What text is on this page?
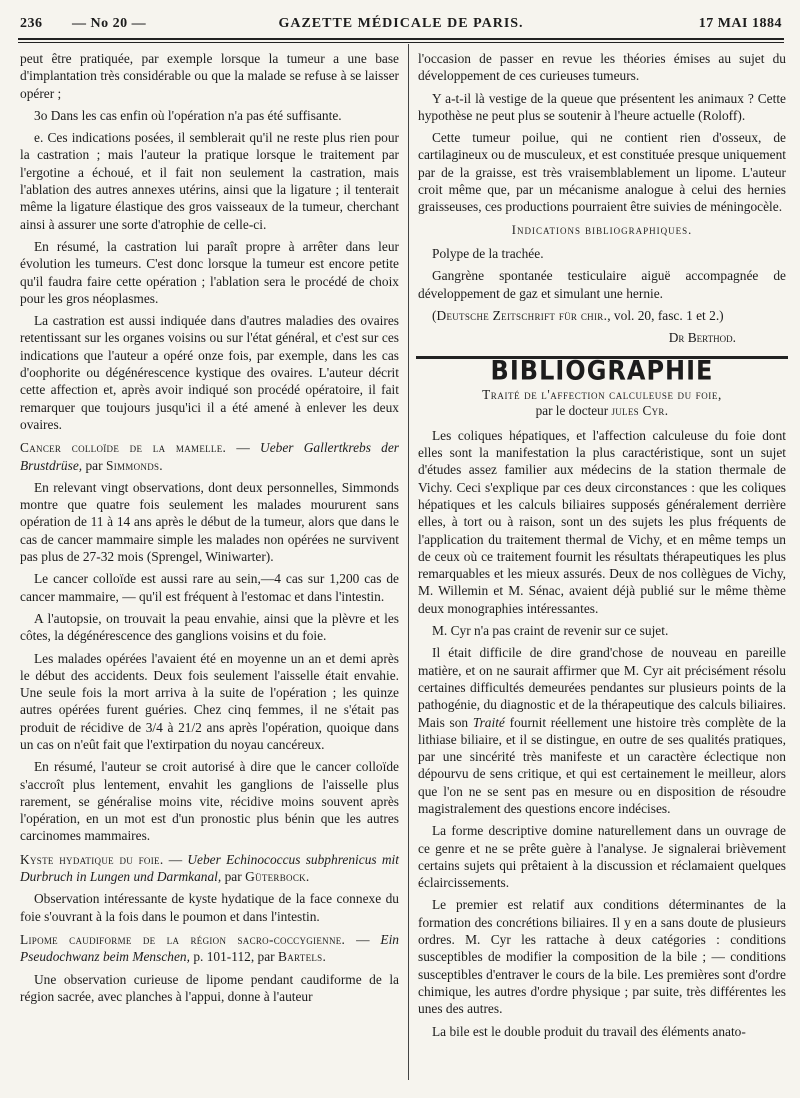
236 — No 20 —	GAZETTE MÉDICALE DE PARIS.	17 MAI 1884

peut être pratiquée, par exemple lorsque la tumeur a une base d'implantation très considérable ou que la malade se refuse à se laisser opérer ;

3o Dans les cas enfin où l'opération n'a pas été suffisante.

e. Ces indications posées, il semblerait qu'il ne reste plus rien pour la castration ; mais l'auteur la pratique lorsque le traitement par l'ergotine a échoué, et il fait non seulement la castration, mais l'ablation des autres annexes utérins, ainsi que la ligature ; il tenterait même la ligature élastique des gros vaisseaux de la tumeur, cherchant ainsi à assurer une sorte d'atrophie de celle-ci.

En résumé, la castration lui paraît propre à arrêter dans leur évolution les tumeurs. C'est donc lorsque la tumeur est encore petite qu'il faudra faire cette opération ; l'ablation sera le procédé de choix pour les gros néoplasmes.

La castration est aussi indiquée dans d'autres maladies des ovaires retentissant sur les organes voisins ou sur l'état général, et c'est sur ces indications que l'auteur a opéré onze fois, par exemple, dans les cas d'oophorite ou dégénérescence kystique des ovaires. L'auteur décrit cette affection et, après avoir indiqué son procédé opératoire, il fait remarquer que toujours jusqu'ici il a été amené à enlever les deux ovaires.

Cancer colloïde de la mamelle. — Ueber Gallertkrebs der Brustdrüse, par Simmonds.

En relevant vingt observations, dont deux personnelles, Simmonds montre que quatre fois seulement les malades moururent sans opération de 11 à 14 ans après le début de la tumeur, alors que dans le cas de cancer mammaire simple les malades non opérées ne survivent pas plus de 27-32 mois (Sprengel, Winiwarter).

Le cancer colloïde est aussi rare au sein,—4 cas sur 1,200 cas de cancer mammaire, — qu'il est fréquent à l'estomac et dans l'intestin.

A l'autopsie, on trouvait la peau envahie, ainsi que la plèvre et les côtes, la dégénérescence des ganglions voisins et du foie.

Les malades opérées l'avaient été en moyenne un an et demi après le début des accidents. Deux fois seulement l'aisselle était envahie. Une seule fois la mort arriva à la suite de l'opération ; les quinze autres opérées furent guéries. Chez cinq femmes, il ne s'était pas produit de récidive de 3/4 à 21/2 ans après l'opération, quoique dans un cas on n'eût fait que l'extirpation du noyau cancéreux.

En résumé, l'auteur se croit autorisé à dire que le cancer colloïde s'accroît plus lentement, envahit les ganglions de l'aisselle plus rarement, se généralise moins vite, récidive moins souvent après l'opération, en un mot est d'un pronostic plus bénin que les autres carcinomes mammaires.

Kyste hydatique du foie. — Ueber Echinococcus subphrenicus mit Durbruch in Lungen und Darmkanal, par Güterbock.

Observation intéressante de kyste hydatique de la face connexe du foie s'ouvrant à la fois dans le poumon et dans l'intestin.

Lipome caudiforme de la région sacro-coccygienne. — Ein Pseudochwanz beim Menschen, p. 101-112, par Bartels.

Une observation curieuse de lipome pendant caudiforme de la région sacrée, avec planches à l'appui, donne à l'auteur

l'occasion de passer en revue les théories émises au sujet du développement de ces curieuses tumeurs.

Y a-t-il là vestige de la queue que présentent les animaux ? Cette hypothèse ne peut plus se soutenir à l'heure actuelle (Roloff).

Cette tumeur poilue, qui ne contient rien d'osseux, de cartilagineux ou de musculeux, et est constituée presque uniquement par de la graisse, est très vraisemblablement un lipome. L'auteur croit même que, par un mécanisme analogue à celui des hernies graisseuses, ces productions pourraient être suivies de méningocèle.

Indications bibliographiques.

Polype de la trachée.

Gangrène spontanée testiculaire aiguë accompagnée de développement de gaz et simulant une hernie.

(Deutsche Zeitschrift für chir., vol. 20, fasc. 1 et 2.)

Dr Berthod.
BIBLIOGRAPHIE
Traité de l'affection calculeuse du foie,
par le docteur jules Cyr.

Les coliques hépatiques, et l'affection calculeuse du foie dont elles sont la manifestation la plus caractéristique, sont un sujet d'études assez familier aux médecins de la station thermale de Vichy. Ceci s'explique par ces deux circonstances : que les coliques hépatiques et les calculs biliaires supposés généralement derrière elles, à tort ou à raison, sont un des sujets les plus fréquents de l'application du traitement thermal de Vichy, et en même temps un de ceux où ce traitement fournit les résultats thérapeutiques les plus remarquables et les mieux assurés. Deux de nos collègues de Vichy, M. Willemin et M. Sénac, avaient déjà publié sur le même thème deux monographies intéressantes.

M. Cyr n'a pas craint de revenir sur ce sujet.

Il était difficile de dire grand'chose de nouveau en pareille matière, et on ne saurait affirmer que M. Cyr ait précisément résolu certaines difficultés demeurées pendantes sur plusieurs points de la pathogénie, du diagnostic et de la thérapeutique des calculs biliaires. Mais son Traité fournit réellement une histoire très complète de la lithiase biliaire, et il se distingue, en outre de ses qualités pratiques, par une sincérité très manifeste et un caractère éclectique non dépourvu de sens critique, et qui est certainement le meilleur, alors que l'on ne se sent pas en mesure ou en disposition de résoudre magistralement des questions encore indécises.

La forme descriptive domine naturellement dans un ouvrage de ce genre et ne se prête guère à l'analyse. Je signalerai brièvement certains sujets qui prêtaient à la discussion et réclamaient quelques éclaircissements.

Le premier est relatif aux conditions déterminantes de la formation des concrétions biliaires. Il y en a sans doute de plusieurs ordres. M. Cyr les rattache à deux catégories : conditions susceptibles de modifier la composition de la bile ; — conditions susceptibles d'entraver le cours de la bile. Les premières sont d'ordre chimique, les autres d'ordre physique ; par suite, très différentes les unes des autres.

La bile est le double produit du travail des éléments anato-
